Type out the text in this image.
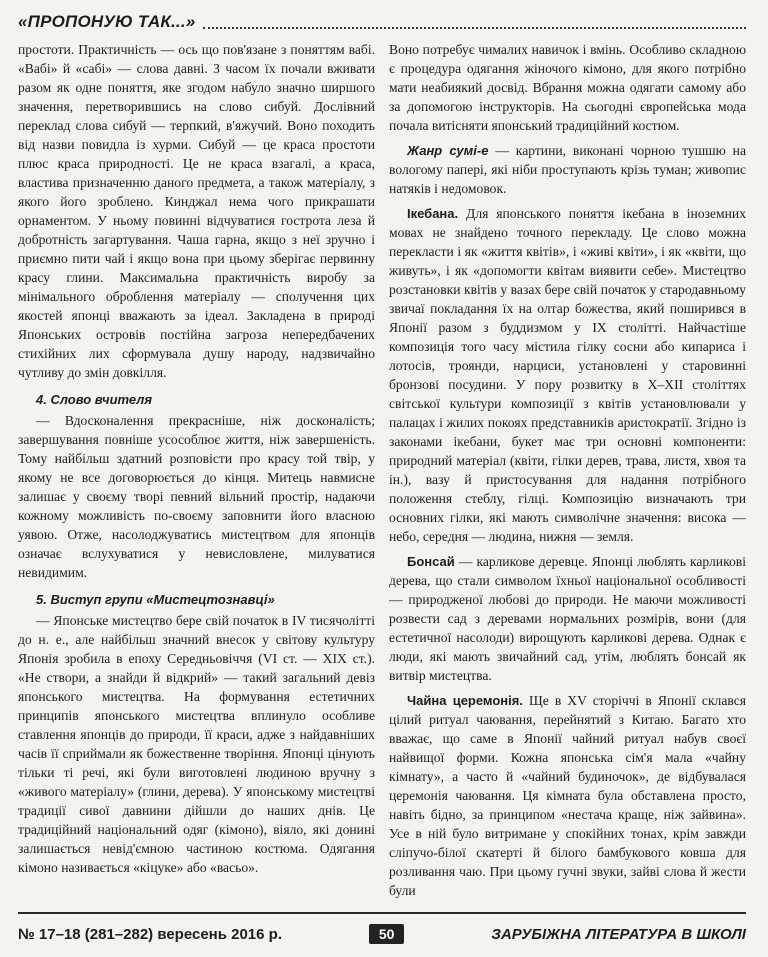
«ПРОПОНУЮ ТАК...»

простоти. Практичність — ось що пов'язане з поняттям вабі. «Вабі» й «сабі» — слова давні. З часом їх почали вживати разом як одне поняття, яке згодом набуло значно ширшого значення, перетворившись на слово сибуй. Дослівний переклад слова сибуй — терпкий, в'яжучий. Воно походить від назви повидла із хурми. Сибуй — це краса простоти плюс краса природності. Це не краса взагалі, а краса, властива призначенню даного предмета, а також матеріалу, з якого його зроблено. Кинджал нема чого прикрашати орнаментом. У ньому повинні відчуватися гострота леза й добротність загартування. Чаша гарна, якщо з неї зручно і приємно пити чай і якщо вона при цьому зберігає первинну красу глини. Максимальна практичність виробу за мінімального оброблення матеріалу — сполучення цих якостей японці вважають за ідеал. Закладена в природі Японських островів постійна загроза непередбачених стихійних лих сформувала душу народу, надзвичайно чутливу до змін довкілля.

4. Слово вчителя

— Вдосконалення прекрасніше, ніж досконалість; завершування повніше усособлює життя, ніж завершеність. Тому найбільш здатний розповісти про красу той твір, у якому не все договорюється до кінця. Митець навмисне залишає у своєму творі певний вільний простір, надаючи кожному можливість по-своєму заповнити його власною уявою. Отже, насолоджуватись мистецтвом для японців означає вслухуватися у невисловлене, милуватися невидимим.

5. Виступ групи «Мистецтознавці»

— Японське мистецтво бере свій початок в IV тисячолітті до н. е., але найбільш значний внесок у світову культуру Японія зробила в епоху Середньовіччя (VI ст. — XIX ст.). «Не створи, а знайди й відкрий» — такий загальний девіз японського мистецтва. На формування естетичних принципів японського мистецтва вплинуло особливе ставлення японців до природи, її краси, адже з найдавніших часів її сприймали як божественне творіння. Японці цінують тільки ті речі, які були виготовлені людиною вручну з «живого матеріалу» (глини, дерева). У японському мистецтві традиції сивої давнини дійшли до наших днів. Це традиційний національний одяг (кімоно), віяло, які донині залишається невід'ємною частиною костюма. Одягання кімоно називається «кіцуке» або «васьо».

Воно потребує чималих навичок і вмінь. Особливо складною є процедура одягання жіночого кімоно, для якого потрібно мати неабиякий досвід. Вбрання можна одягати самому або за допомогою інструкторів. На сьогодні європейська мода почала витісняти японський традиційний костюм.

Жанр сумі-е — картини, виконані чорною тушшю на вологому папері, які ніби проступають крізь туман; живопис натяків і недомовок.

Ікебана. Для японського поняття ікебана в іноземних мовах не знайдено точного перекладу. Це слово можна перекласти і як «життя квітів», і «живі квіти», і як «квіти, що живуть», і як «допомогти квітам виявити себе». Мистецтво розстановки квітів у вазах бере свій початок у стародавньому звичаї покладання їх на олтар божества, який поширився в Японії разом з буддизмом у IX столітті. Найчастіше композиція того часу містила гілку сосни або кипариса і лотосів, троянди, нарциси, установлені у старовинні бронзові посудини. У пору розвитку в X–XII століттях світської культури композиції з квітів установлювали у палацах і жилих покоях представників аристократії. Згідно із законами ікебани, букет має три основні компоненти: природний матеріал (квіти, гілки дерев, трава, листя, хвоя та ін.), вазу й пристосування для надання потрібного положення стеблу, гілці. Композицію визначають три основних гілки, які мають символічне значення: висока — небо, середня — людина, нижня — земля.

Бонсай — карликове деревце. Японці люблять карликові дерева, що стали символом їхньої національної особливості — природженої любові до природи. Не маючи можливості розвести сад з деревами нормальних розмірів, вони (для естетичної насолоди) вирощують карликові дерева. Однак є люди, які мають звичайний сад, утім, люблять бонсай як витвір мистецтва.

Чайна церемонія. Ще в XV сторіччі в Японії склався цілий ритуал чаювання, перейнятий з Китаю. Багато хто вважає, що саме в Японії чайний ритуал набув своєї найвищої форми. Кожна японська сім'я мала «чайну кімнату», а часто й «чайний будиночок», де відбувалася церемонія чаювання. Ця кімната була обставлена просто, навіть бідно, за принципом «нестача краще, ніж зайвина». Усе в ній було витримане у спокійних тонах, крім завжди сліпучо-білої скатерті й білого бамбукового ковша для розливання чаю. При цьому гучні звуки, зайві слова й жести були

№ 17–18 (281–282) вересень 2016 р.	50	ЗАРУБІЖНА ЛІТЕРАТУРА В ШКОЛІ
